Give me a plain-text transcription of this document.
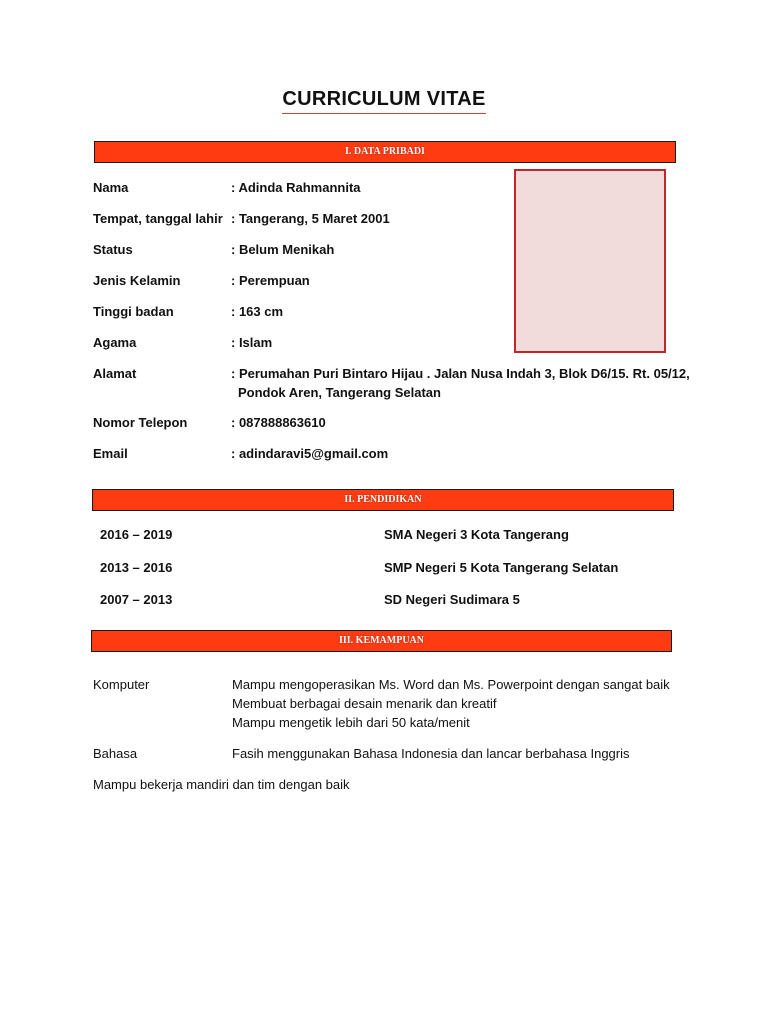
CURRICULUM VITAE
I. DATA PRIBADI
Nama	: Adinda Rahmannita
Tempat, tanggal lahir : Tangerang, 5 Maret 2001
Status	: Belum Menikah
Jenis Kelamin	: Perempuan
Tinggi badan	: 163 cm
Agama	: Islam
Alamat	: Perumahan Puri Bintaro Hijau . Jalan Nusa Indah 3, Blok D6/15. Rt. 05/12,
Pondok Aren, Tangerang Selatan
Nomor Telepon	: 087888863610
Email	: adindaravi5@gmail.com
II. PENDIDIKAN
2016 – 2019	SMA Negeri 3 Kota Tangerang
2013 – 2016	SMP Negeri 5 Kota Tangerang Selatan
2007 – 2013	SD Negeri Sudimara 5
III. KEMAMPUAN
Komputer	Mampu mengoperasikan Ms. Word dan Ms. Powerpoint dengan sangat baik
Membuat berbagai desain menarik dan kreatif
Mampu mengetik lebih dari 50 kata/menit
Bahasa	Fasih menggunakan Bahasa Indonesia dan lancar berbahasa Inggris
Mampu bekerja mandiri dan tim dengan baik
